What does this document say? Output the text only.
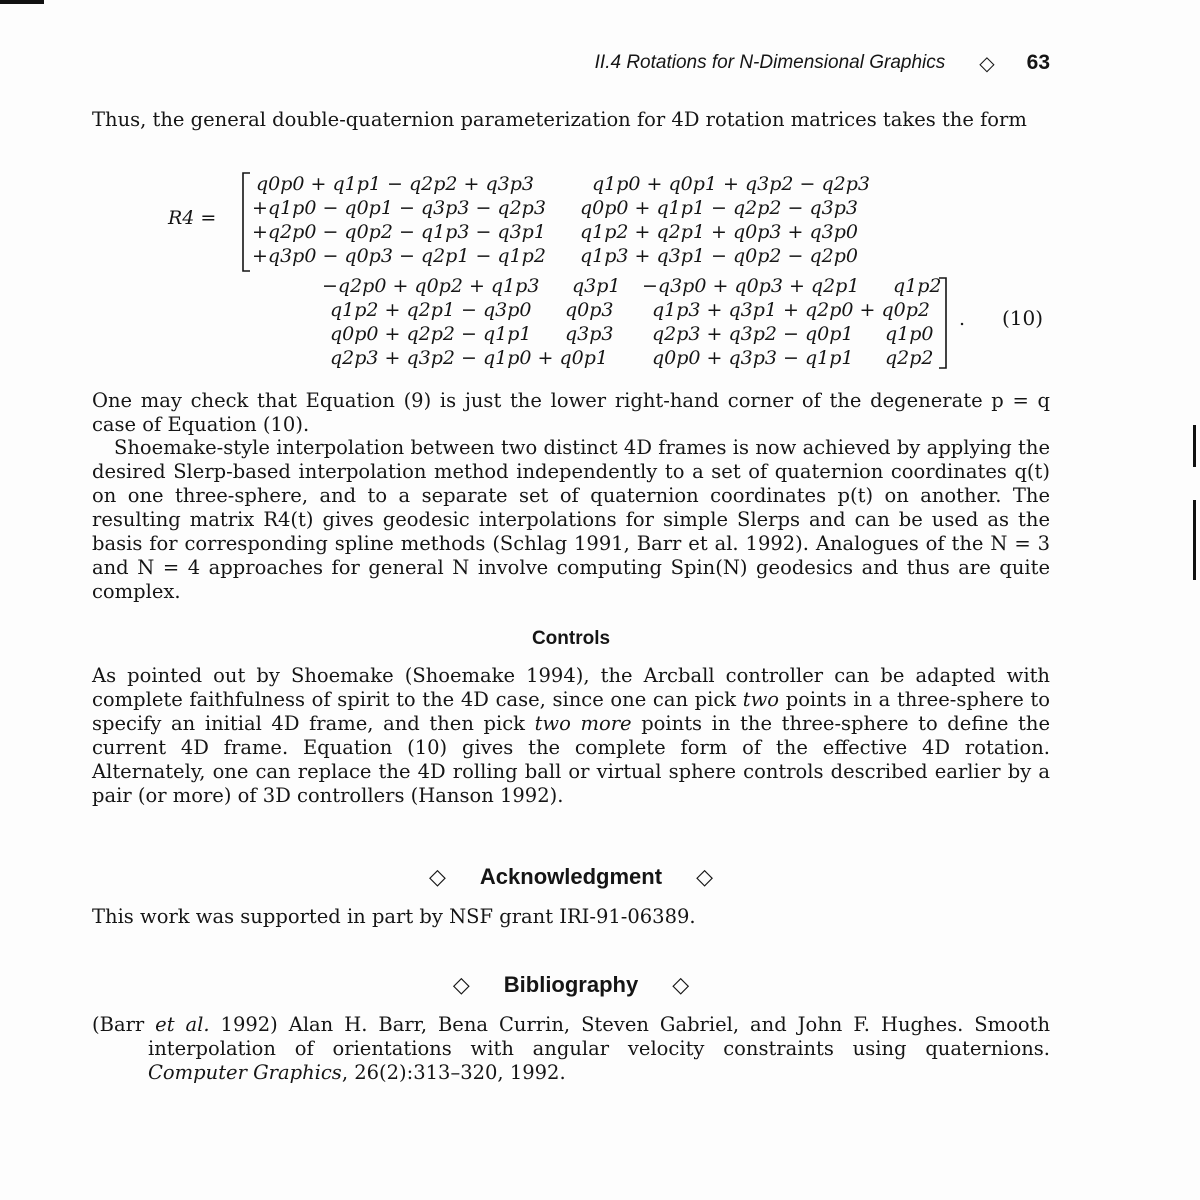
II.4 Rotations for N-Dimensional Graphics ◇ 63

Thus, the general double-quaternion parameterization for 4D rotation matrices takes the form

R4 =
(10)
.
q0p0 + q1p1 − q2p2 + q3p3
+q1p0 − q0p1 − q3p3 − q2p3
+q2p0 − q0p2 − q1p3 − q3p1
+q3p0 − q0p3 − q2p1 − q1p2
q1p0 + q0p1 + q3p2 − q2p3
q0p0 + q1p1 − q2p2 − q3p3
q1p2 + q2p1 + q0p3 + q3p0
q1p3 + q3p1 − q0p2 − q2p0
−q2p0 + q0p2 + q1p3
q1p2 + q2p1 − q3p0
q0p0 + q2p2 − q1p1
q2p3 + q3p2 − q1p0 + q0p1
q3p1
q0p3
q3p3
−q3p0 + q0p3 + q2p1
q1p3 + q3p1 + q2p0 + q0p2
q2p3 + q3p2 − q0p1
q0p0 + q3p3 − q1p1
q1p2
q1p0
q2p2

One may check that Equation (9) is just the lower right-hand corner of the degenerate p = q case of Equation (10).

Shoemake-style interpolation between two distinct 4D frames is now achieved by applying the desired Slerp-based interpolation method independently to a set of quaternion coordinates q(t) on one three-sphere, and to a separate set of quaternion coordinates p(t) on another. The resulting matrix R4(t) gives geodesic interpolations for simple Slerps and can be used as the basis for corresponding spline methods (Schlag 1991, Barr et al. 1992). Analogues of the N = 3 and N = 4 approaches for general N involve computing Spin(N) geodesics and thus are quite complex.

Controls

As pointed out by Shoemake (Shoemake 1994), the Arcball controller can be adapted with complete faithfulness of spirit to the 4D case, since one can pick two points in a three-sphere to specify an initial 4D frame, and then pick two more points in the three-sphere to define the current 4D frame. Equation (10) gives the complete form of the effective 4D rotation. Alternately, one can replace the 4D rolling ball or virtual sphere controls described earlier by a pair (or more) of 3D controllers (Hanson 1992).

◇ Acknowledgment ◇

This work was supported in part by NSF grant IRI-91-06389.

◇ Bibliography ◇

(Barr et al. 1992) Alan H. Barr, Bena Currin, Steven Gabriel, and John F. Hughes. Smooth interpolation of orientations with angular velocity constraints using quaternions. Computer Graphics, 26(2):313–320, 1992.
